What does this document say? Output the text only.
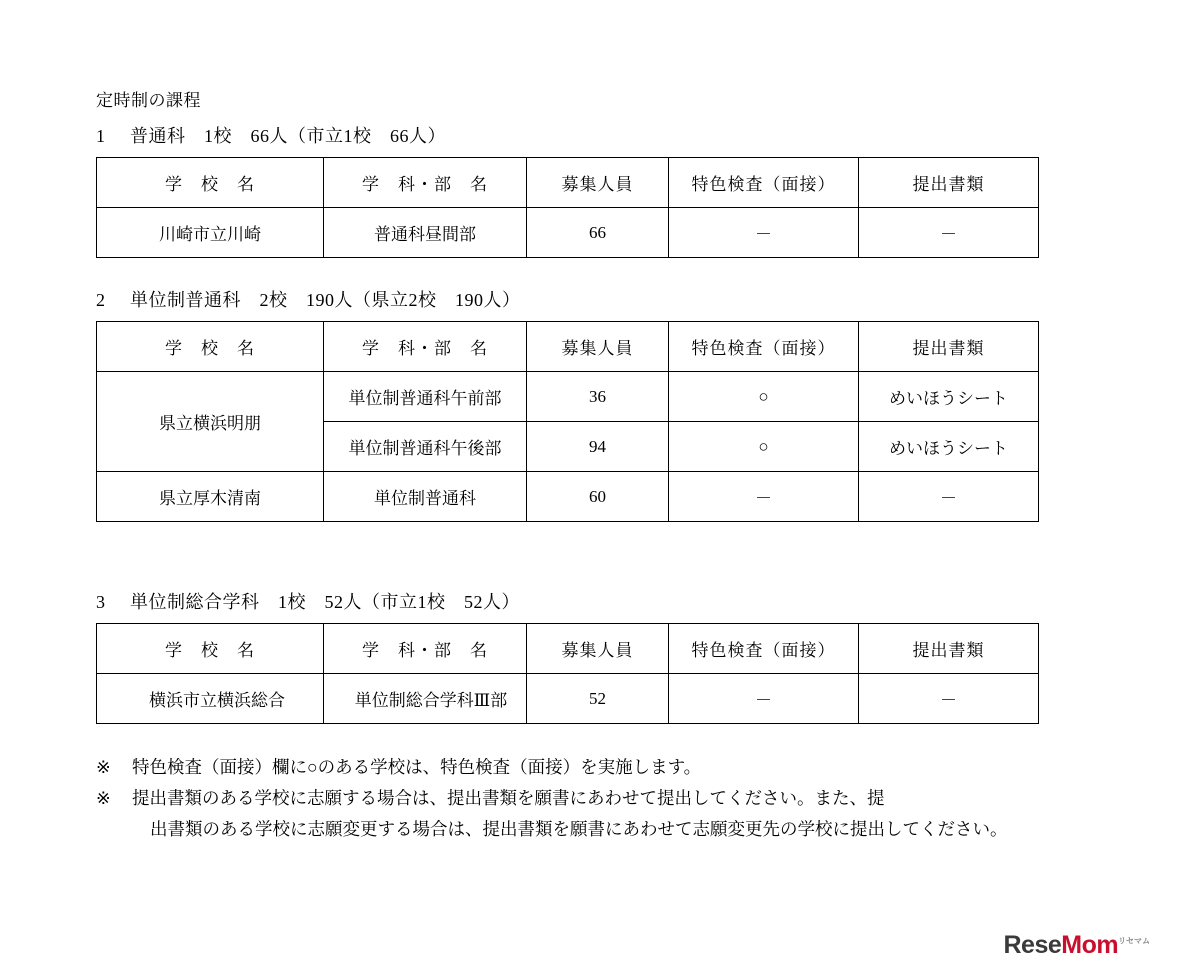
定時制の課程
1 普通科　1校　66人（市立1校　66人）
学　校　名	学　科・部　名	募集人員	特色検査（面接）	提出書類
川崎市立川崎	普通科昼間部	66	－	－
2 単位制普通科　2校　190人（県立2校　190人）
学　校　名	学　科・部　名	募集人員	特色検査（面接）	提出書類
県立横浜明朋	単位制普通科午前部	36	○	めいほうシート
	単位制普通科午後部	94	○	めいほうシート
県立厚木清南	単位制普通科	60	－	－
3 単位制総合学科　1校　52人（市立1校　52人）
学　校　名	学　科・部　名	募集人員	特色検査（面接）	提出書類
横浜市立横浜総合	単位制総合学科Ⅲ部	52	－	－
※	特色検査（面接）欄に○のある学校は、特色検査（面接）を実施します。
※	提出書類のある学校に志願する場合は、提出書類を願書にあわせて提出してください。また、提
出書類のある学校に志願変更する場合は、提出書類を願書にあわせて志願変更先の学校に提出してください。
ReseMom$^{リセマム}$
